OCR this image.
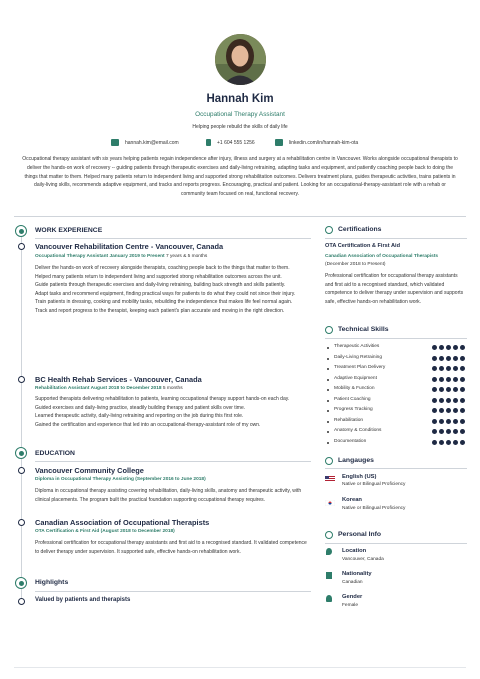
Hannah Kim
Occupational Therapy Assistant
Helping people rebuild the skills of daily life
hannah.kim@email.com	+1 604 555 1256	linkedin.com/in/hannah-kim-ota
Occupational therapy assistant with six years helping patients regain independence after injury, illness and surgery at a rehabilitation centre in Vancouver. Works alongside occupational therapists to deliver the hands-on work of recovery -- guiding patients through therapeutic exercises and daily-living retraining, adapting tasks and equipment, and patiently coaching people back to doing the things that matter to them. Helped many patients return to independent living and supported strong rehabilitation outcomes. Delivers treatment plans, guides therapeutic activities, trains patients in daily-living skills, recommends adaptive equipment, and tracks and reports progress. Encouraging, practical and patient. Looking for an occupational-therapy-assistant role with a rehab or community team focused on real, functional recovery.
WORK EXPERIENCE
Vancouver Rehabilitation Centre - Vancouver, Canada
Occupational Therapy Assistant January 2019 to Present 7 years & 5 months
Deliver the hands-on work of recovery alongside therapists, coaching people back to the things that matter to them.
Helped many patients return to independent living and supported strong rehabilitation outcomes across the unit.
Guide patients through therapeutic exercises and daily-living retraining, building back strength and skills patiently.
Adapt tasks and recommend equipment, finding practical ways for patients to do what they could not since their injury.
Train patients in dressing, cooking and mobility tasks, rebuilding the independence that makes life feel normal again.
Track and report progress to the therapist, keeping each patient's plan accurate and moving in the right direction.
BC Health Rehab Services - Vancouver, Canada
Rehabilitation Assistant August 2018 to December 2018 5 months
Supported therapists delivering rehabilitation to patients, learning occupational therapy support hands-on each day.
Guided exercises and daily-living practice, steadily building therapy and patient skills over time.
Learned therapeutic activity, daily-living retraining and reporting on the job during this first role.
Gained the certification and experience that led into an occupational-therapy-assistant role of my own.
EDUCATION
Vancouver Community College
Diploma in Occupational Therapy Assisting (September 2016 to June 2018)
Diploma in occupational therapy assisting covering rehabilitation, daily-living skills, anatomy and therapeutic activity, with clinical placements. The program built the practical foundation supporting occupational therapy requires.
Canadian Association of Occupational Therapists
OTA Certification & First Aid (August 2018 to December 2018)
Professional certification for occupational therapy assistants and first aid to a recognised standard. It validated competence to deliver therapy under supervision. It supported safe, effective hands-on rehabilitation work.
Highlights
Valued by patients and therapists
Certifications
OTA Certification & First Aid
Canadian Association of Occupational Therapists
(December 2018 to Present)
Professional certification for occupational therapy assistants and first aid to a recognised standard, which validated competence to deliver therapy under supervision and supports safe, effective hands-on rehabilitation work.
Technical Skills
Therapeutic Activities
Daily-Living Retraining
Treatment Plan Delivery
Adaptive Equipment
Mobility & Function
Patient Coaching
Progress Tracking
Rehabilitation
Anatomy & Conditions
Documentation
Langauges
English (US)
Native or Bilingual Proficiency
Korean
Native or Bilingual Proficiency
Personal Info
Location
Vancouver, Canada
Nationality
Canadian
Gender
Female
